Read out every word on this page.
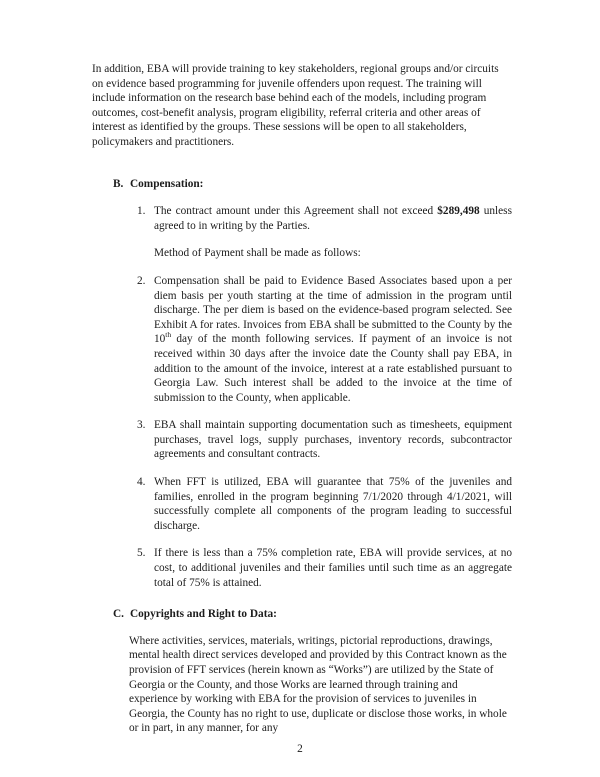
In addition, EBA will provide training to key stakeholders, regional groups and/or circuits on evidence based programming for juvenile offenders upon request. The training will include information on the research base behind each of the models, including program outcomes, cost-benefit analysis, program eligibility, referral criteria and other areas of interest as identified by the groups. These sessions will be open to all stakeholders, policymakers and practitioners.

B. Compensation:
1. The contract amount under this Agreement shall not exceed $289,498 unless agreed to in writing by the Parties.

Method of Payment shall be made as follows:

2. Compensation shall be paid to Evidence Based Associates based upon a per diem basis per youth starting at the time of admission in the program until discharge. The per diem is based on the evidence-based program selected. See Exhibit A for rates. Invoices from EBA shall be submitted to the County by the 10th day of the month following services. If payment of an invoice is not received within 30 days after the invoice date the County shall pay EBA, in addition to the amount of the invoice, interest at a rate established pursuant to Georgia Law. Such interest shall be added to the invoice at the time of submission to the County, when applicable.
3. EBA shall maintain supporting documentation such as timesheets, equipment purchases, travel logs, supply purchases, inventory records, subcontractor agreements and consultant contracts.
4. When FFT is utilized, EBA will guarantee that 75% of the juveniles and families, enrolled in the program beginning 7/1/2020 through 4/1/2021, will successfully complete all components of the program leading to successful discharge.
5. If there is less than a 75% completion rate, EBA will provide services, at no cost, to additional juveniles and their families until such time as an aggregate total of 75% is attained.
C. Copyrights and Right to Data:

Where activities, services, materials, writings, pictorial reproductions, drawings, mental health direct services developed and provided by this Contract known as the provision of FFT services (herein known as “Works”) are utilized by the State of Georgia or the County, and those Works are learned through training and experience by working with EBA for the provision of services to juveniles in Georgia, the County has no right to use, duplicate or disclose those works, in whole or in part, in any manner, for any

2
